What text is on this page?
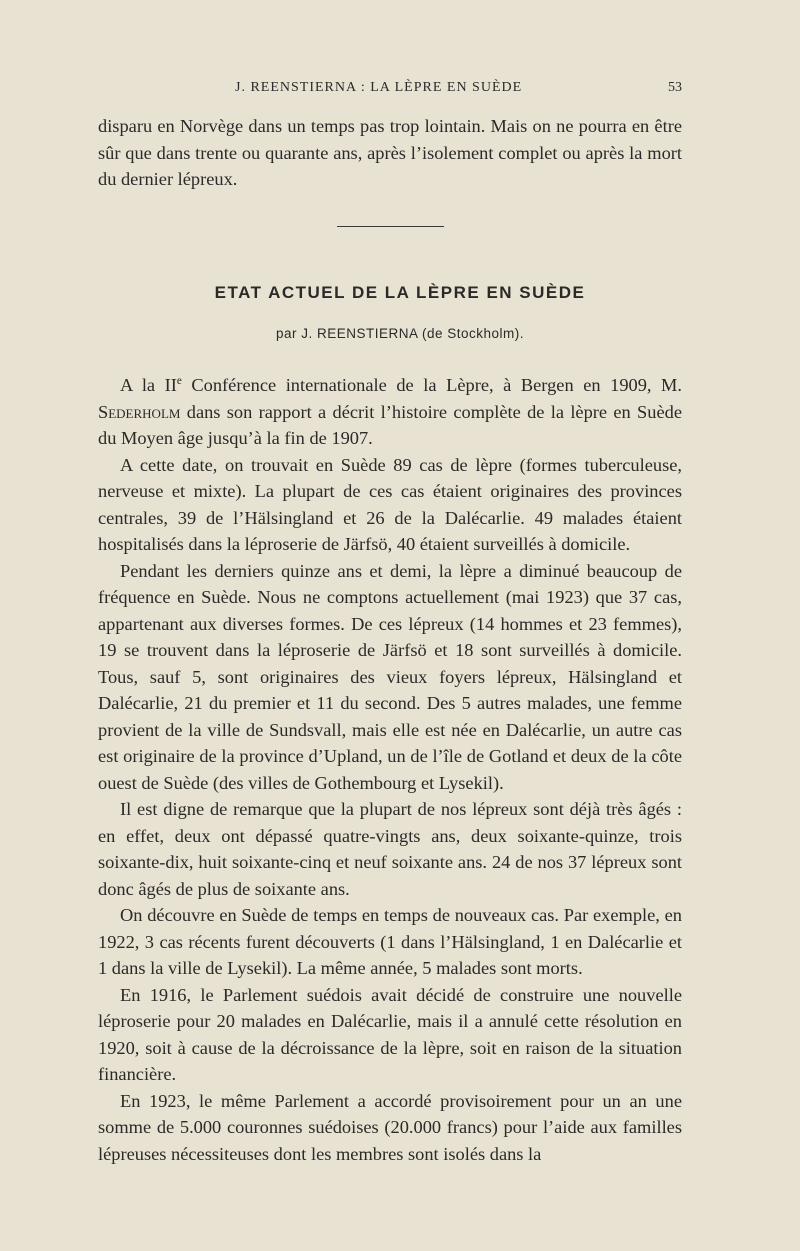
J. REENSTIERNA : LA LÈPRE EN SUÈDE	53

disparu en Norvège dans un temps pas trop lointain. Mais on ne pourra en être sûr que dans trente ou quarante ans, après l’isolement complet ou après la mort du dernier lépreux.

ETAT ACTUEL DE LA LÈPRE EN SUÈDE
par J. REENSTIERNA (de Stockholm).

A la IIe Conférence internationale de la Lèpre, à Bergen en 1909, M. Sederholm dans son rapport a décrit l’histoire complète de la lèpre en Suède du Moyen âge jusqu’à la fin de 1907.

A cette date, on trouvait en Suède 89 cas de lèpre (formes tuberculeuse, nerveuse et mixte). La plupart de ces cas étaient originaires des provinces centrales, 39 de l’Hälsingland et 26 de la Dalécarlie. 49 malades étaient hospitalisés dans la léproserie de Järfsö, 40 étaient surveillés à domicile.

Pendant les derniers quinze ans et demi, la lèpre a diminué beaucoup de fréquence en Suède. Nous ne comptons actuellement (mai 1923) que 37 cas, appartenant aux diverses formes. De ces lépreux (14 hommes et 23 femmes), 19 se trouvent dans la léproserie de Järfsö et 18 sont surveillés à domicile. Tous, sauf 5, sont originaires des vieux foyers lépreux, Hälsingland et Dalécarlie, 21 du premier et 11 du second. Des 5 autres malades, une femme provient de la ville de Sundsvall, mais elle est née en Dalécarlie, un autre cas est originaire de la province d’Upland, un de l’île de Gotland et deux de la côte ouest de Suède (des villes de Gothembourg et Lysekil).

Il est digne de remarque que la plupart de nos lépreux sont déjà très âgés : en effet, deux ont dépassé quatre-vingts ans, deux soixante-quinze, trois soixante-dix, huit soixante-cinq et neuf soixante ans. 24 de nos 37 lépreux sont donc âgés de plus de soixante ans.

On découvre en Suède de temps en temps de nouveaux cas. Par exemple, en 1922, 3 cas récents furent découverts (1 dans l’Hälsingland, 1 en Dalécarlie et 1 dans la ville de Lysekil). La même année, 5 malades sont morts.

En 1916, le Parlement suédois avait décidé de construire une nouvelle léproserie pour 20 malades en Dalécarlie, mais il a annulé cette résolution en 1920, soit à cause de la décroissance de la lèpre, soit en raison de la situation financière.

En 1923, le même Parlement a accordé provisoirement pour un an une somme de 5.000 couronnes suédoises (20.000 francs) pour l’aide aux familles lépreuses nécessiteuses dont les membres sont isolés dans la
